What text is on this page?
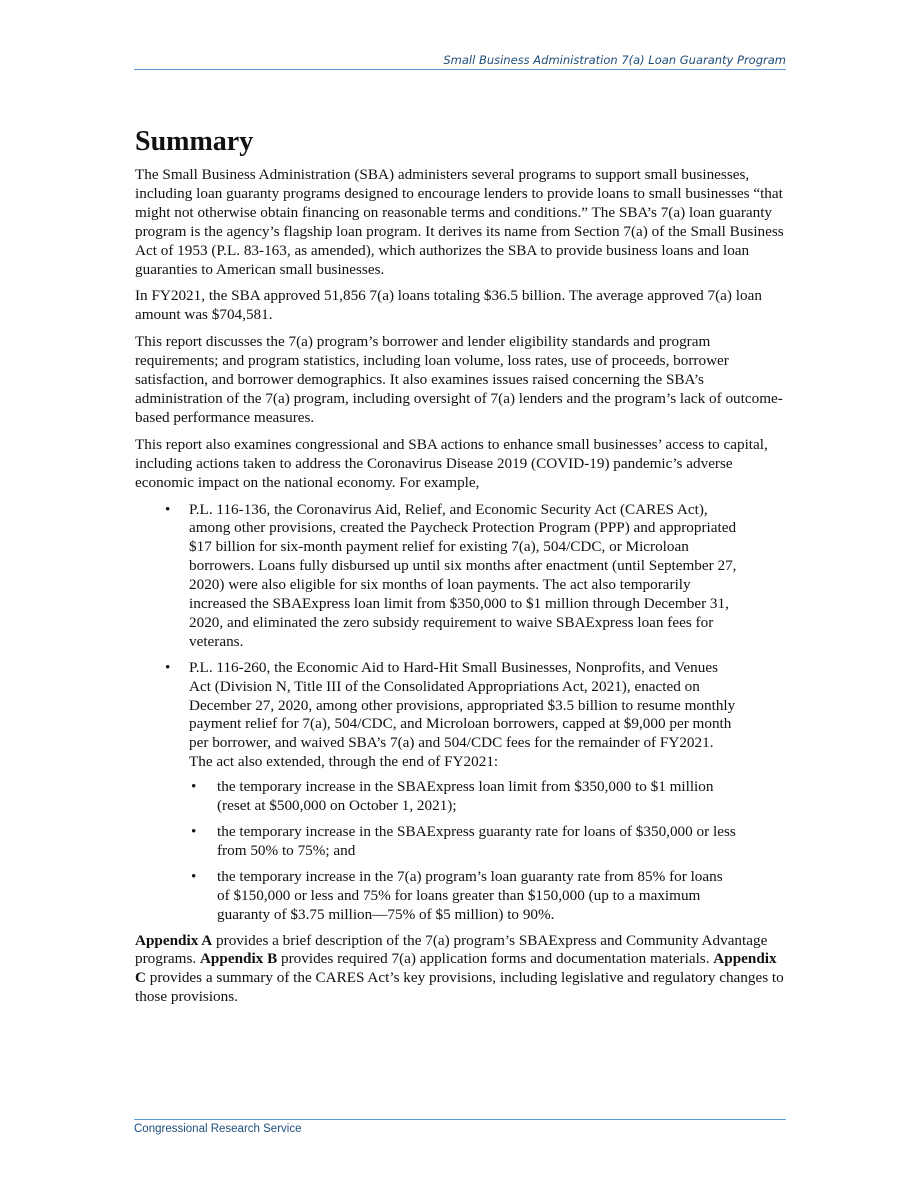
Small Business Administration 7(a) Loan Guaranty Program
Summary

The Small Business Administration (SBA) administers several programs to support small businesses, including loan guaranty programs designed to encourage lenders to provide loans to small businesses “that might not otherwise obtain financing on reasonable terms and conditions.” The SBA’s 7(a) loan guaranty program is the agency’s flagship loan program. It derives its name from Section 7(a) of the Small Business Act of 1953 (P.L. 83-163, as amended), which authorizes the SBA to provide business loans and loan guaranties to American small businesses.

In FY2021, the SBA approved 51,856 7(a) loans totaling $36.5 billion. The average approved 7(a) loan amount was $704,581.

This report discusses the 7(a) program’s borrower and lender eligibility standards and program requirements; and program statistics, including loan volume, loss rates, use of proceeds, borrower satisfaction, and borrower demographics. It also examines issues raised concerning the SBA’s administration of the 7(a) program, including oversight of 7(a) lenders and the program’s lack of outcome-based performance measures.

This report also examines congressional and SBA actions to enhance small businesses’ access to capital, including actions taken to address the Coronavirus Disease 2019 (COVID-19) pandemic’s adverse economic impact on the national economy. For example,

• P.L. 116-136, the Coronavirus Aid, Relief, and Economic Security Act (CARES Act), among other provisions, created the Paycheck Protection Program (PPP) and appropriated $17 billion for six-month payment relief for existing 7(a), 504/CDC, or Microloan borrowers. Loans fully disbursed up until six months after enactment (until September 27, 2020) were also eligible for six months of loan payments. The act also temporarily increased the SBAExpress loan limit from $350,000 to $1 million through December 31, 2020, and eliminated the zero subsidy requirement to waive SBAExpress loan fees for veterans.
• P.L. 116-260, the Economic Aid to Hard-Hit Small Businesses, Nonprofits, and Venues Act (Division N, Title III of the Consolidated Appropriations Act, 2021), enacted on December 27, 2020, among other provisions, appropriated $3.5 billion to resume monthly payment relief for 7(a), 504/CDC, and Microloan borrowers, capped at $9,000 per month per borrower, and waived SBA’s 7(a) and 504/CDC fees for the remainder of FY2021. The act also extended, through the end of FY2021:
• the temporary increase in the SBAExpress loan limit from $350,000 to $1 million (reset at $500,000 on October 1, 2021);
• the temporary increase in the SBAExpress guaranty rate for loans of $350,000 or less from 50% to 75%; and
• the temporary increase in the 7(a) program’s loan guaranty rate from 85% for loans of $150,000 or less and 75% for loans greater than $150,000 (up to a maximum guaranty of $3.75 million—75% of $5 million) to 90%.

Appendix A provides a brief description of the 7(a) program’s SBAExpress and Community Advantage programs. Appendix B provides required 7(a) application forms and documentation materials. Appendix C provides a summary of the CARES Act’s key provisions, including legislative and regulatory changes to those provisions.

Congressional Research Service
